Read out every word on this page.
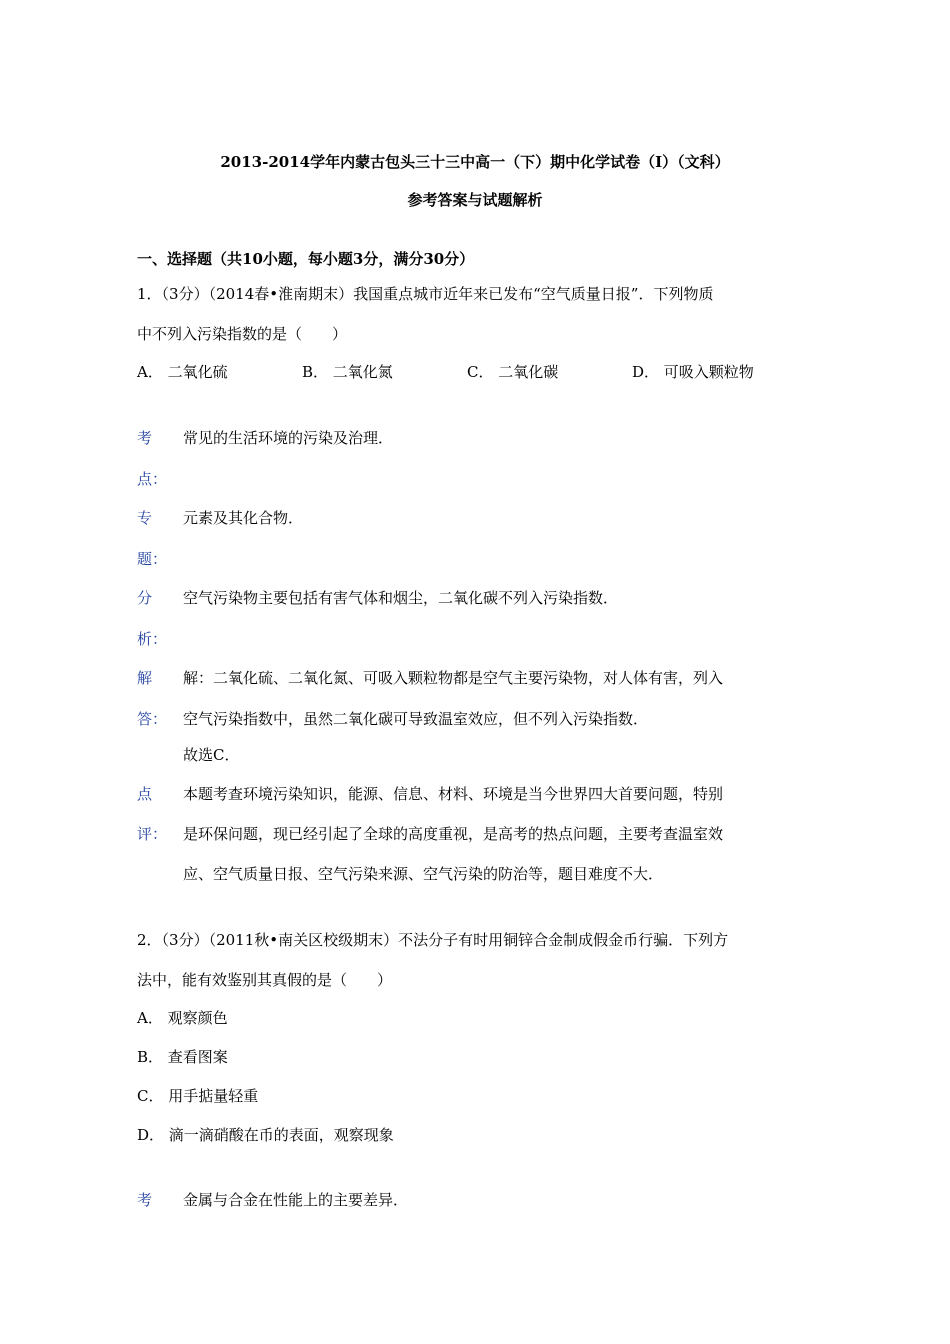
2013-2014学年内蒙古包头三十三中高一（下）期中化学试卷（Ⅰ）（文科）
参考答案与试题解析
一、选择题（共10小题，每小题3分，满分30分）
1．（3分）（2014春•淮南期末）我国重点城市近年来已发布“空气质量日报”．下列物质
中不列入污染指数的是（　　）
A． 二氧化硫	B． 二氧化氮	C． 二氧化碳	D． 可吸入颗粒物
考 常见的生活环境的污染及治理．
点：
专 元素及其化合物．
题：
分 空气污染物主要包括有害气体和烟尘，二氧化碳不列入污染指数．
析：
解 解：二氧化硫、二氧化氮、可吸入颗粒物都是空气主要污染物，对人体有害，列入
答： 空气污染指数中，虽然二氧化碳可导致温室效应，但不列入污染指数．
故选C．
点 本题考查环境污染知识，能源、信息、材料、环境是当今世界四大首要问题，特别
评： 是环保问题，现已经引起了全球的高度重视，是高考的热点问题，主要考查温室效
应、空气质量日报、空气污染来源、空气污染的防治等，题目难度不大．
2．（3分）（2011秋•南关区校级期末）不法分子有时用铜锌合金制成假金币行骗．下列方
法中，能有效鉴别其真假的是（　　）
A． 观察颜色
B． 查看图案
C． 用手掂量轻重
D． 滴一滴硝酸在币的表面，观察现象
考 金属与合金在性能上的主要差异．
